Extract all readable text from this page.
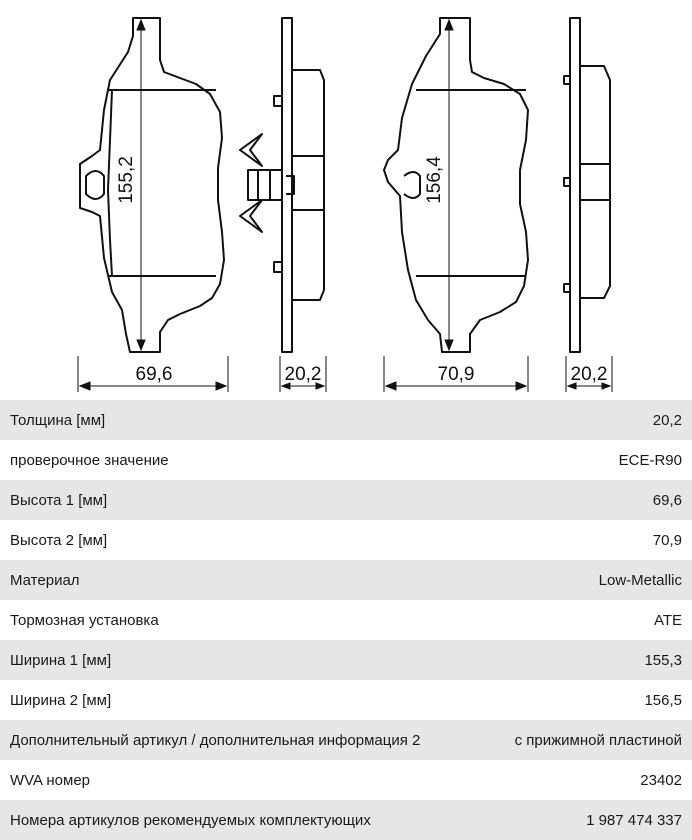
155,2
69,6	20,2
156,4
70,9	20,2
Толщина [мм]	20,2
проверочное значение	ECE-R90
Высота 1 [мм]	69,6
Высота 2 [мм]	70,9
Материал	Low-Metallic
Тормозная установка	ATE
Ширина 1 [мм]	155,3
Ширина 2 [мм]	156,5
Дополнительный артикул / дополнительная информация 2	с прижимной пластиной
WVA номер	23402
Номера артикулов рекомендуемых комплектующих	1 987 474 337
